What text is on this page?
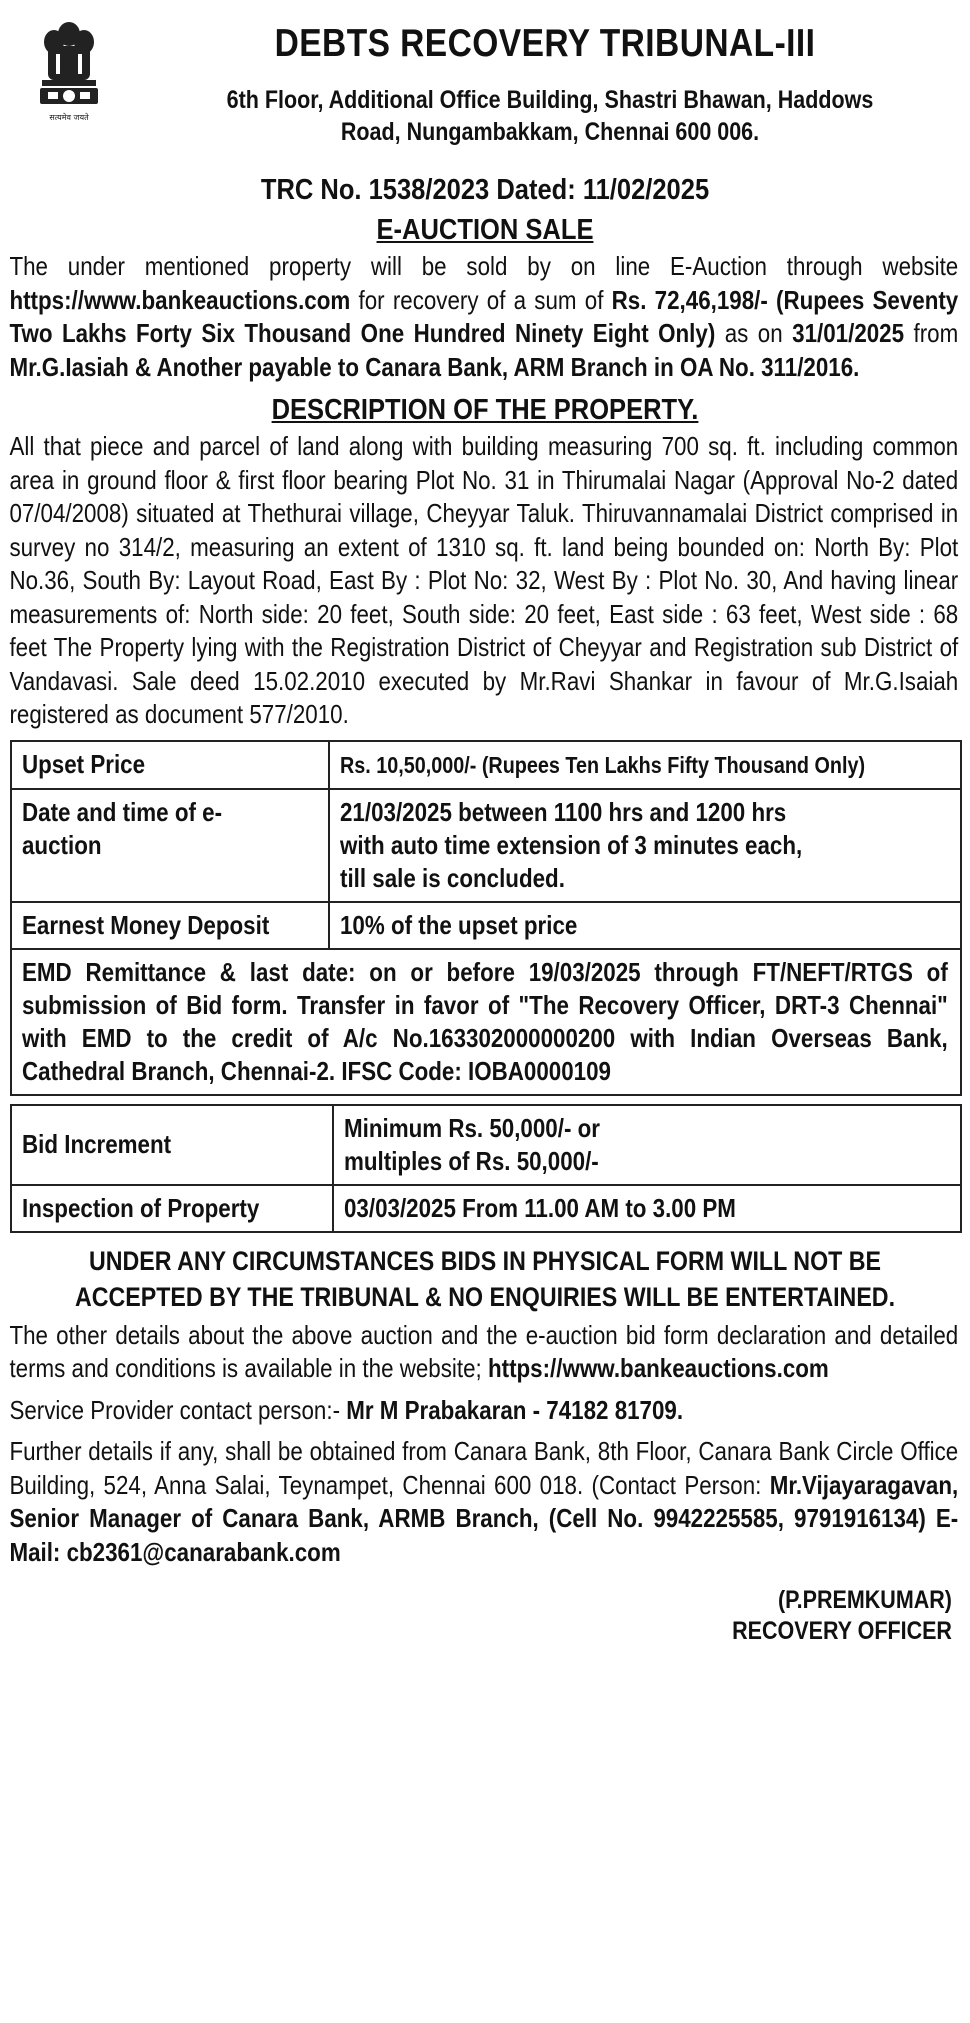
सत्यमेव जयते
DEBTS RECOVERY TRIBUNAL-III
6th Floor, Additional Office Building, Shastri Bhawan, Haddows
Road, Nungambakkam, Chennai 600 006.
TRC No. 1538/2023 Dated: 11/02/2025
E-AUCTION SALE
The under mentioned property will be sold by on line E-Auction through website https://www.bankeauctions.com for recovery of a sum of Rs. 72,46,198/- (Rupees Seventy Two Lakhs Forty Six Thousand One Hundred Ninety Eight Only) as on 31/01/2025 from Mr.G.Iasiah & Another payable to Canara Bank, ARM Branch in OA No. 311/2016.
DESCRIPTION OF THE PROPERTY.
All that piece and parcel of land along with building measuring 700 sq. ft. including common area in ground floor & first floor bearing Plot No. 31 in Thirumalai Nagar (Approval No-2 dated 07/04/2008) situated at Thethurai village, Cheyyar Taluk. Thiruvannamalai District comprised in survey no 314/2, measuring an extent of 1310 sq. ft. land being bounded on: North By: Plot No.36, South By: Layout Road, East By : Plot No: 32, West By : Plot No. 30, And having linear measurements of: North side: 20 feet, South side: 20 feet, East side : 63 feet, West side : 68 feet The Property lying with the Registration District of Cheyyar and Registration sub District of Vandavasi. Sale deed 15.02.2010 executed by Mr.Ravi Shankar in favour of Mr.G.Isaiah registered as document 577/2010.
Upset Price	Rs. 10,50,000/- (Rupees Ten Lakhs Fifty Thousand Only)
Date and time of e-auction	21/03/2025 between 1100 hrs and 1200 hrs with auto time extension of 3 minutes each, till sale is concluded.
Earnest Money Deposit	10% of the upset price
EMD Remittance & last date: on or before 19/03/2025 through FT/NEFT/RTGS of submission of Bid form. Transfer in favor of "The Recovery Officer, DRT-3 Chennai" with EMD to the credit of A/c No.163302000000200 with Indian Overseas Bank, Cathedral Branch, Chennai-2. IFSC Code: IOBA0000109	
Bid Increment	Minimum Rs. 50,000/- or
multiples of Rs. 50,000/-
Inspection of Property	03/03/2025 From 11.00 AM to 3.00 PM
UNDER ANY CIRCUMSTANCES BIDS IN PHYSICAL FORM WILL NOT BE ACCEPTED BY THE TRIBUNAL & NO ENQUIRIES WILL BE ENTERTAINED.
The other details about the above auction and the e-auction bid form declaration and detailed terms and conditions is available in the website; https://www.bankeauctions.com
Service Provider contact person:- Mr M Prabakaran - 74182 81709.
Further details if any, shall be obtained from Canara Bank, 8th Floor, Canara Bank Circle Office Building, 524, Anna Salai, Teynampet, Chennai 600 018. (Contact Person: Mr.Vijayaragavan, Senior Manager of Canara Bank, ARMB Branch, (Cell No. 9942225585, 9791916134) E-Mail: cb2361@canarabank.com
(P.PREMKUMAR)
RECOVERY OFFICER
